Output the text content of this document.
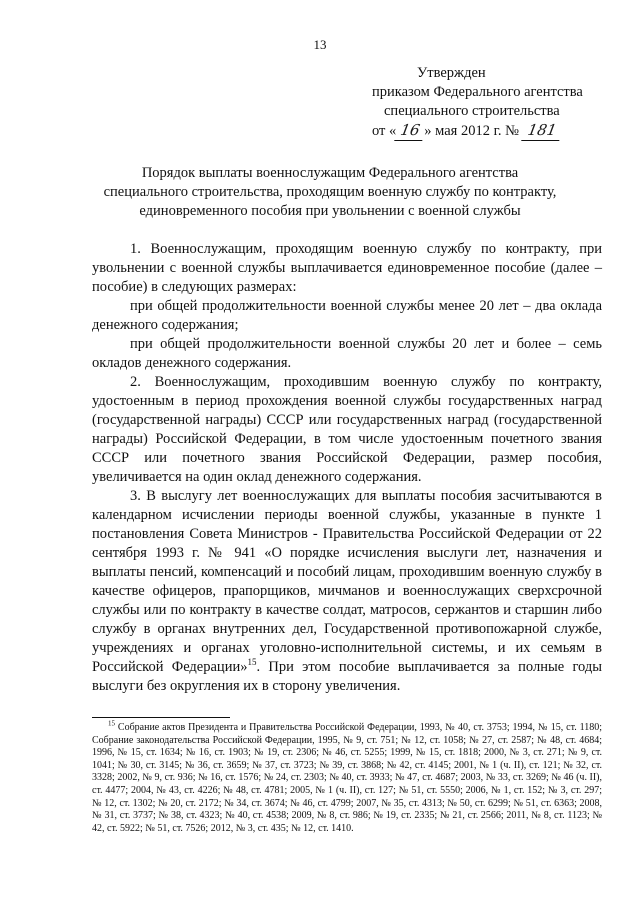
13
Утвержден
приказом Федерального агентства
специального строительства
от « 16 » мая 2012 г. № 181
Порядок выплаты военнослужащим Федерального агентства
специального строительства, проходящим военную службу по контракту,
единовременного пособия при увольнении с военной службы

1. Военнослужащим, проходящим военную службу по контракту, при увольнении с военной службы выплачивается единовременное пособие (далее – пособие) в следующих размерах:

при общей продолжительности военной службы менее 20 лет – два оклада денежного содержания;

при общей продолжительности военной службы 20 лет и более – семь окладов денежного содержания.

2. Военнослужащим, проходившим военную службу по контракту, удостоенным в период прохождения военной службы государственных наград (государственной награды) СССР или государственных наград (государственной награды) Российской Федерации, в том числе удостоенным почетного звания СССР или почетного звания Российской Федерации, размер пособия, увеличивается на один оклад денежного содержания.

3. В выслугу лет военнослужащих для выплаты пособия засчитываются в календарном исчислении периоды военной службы, указанные в пункте 1 постановления Совета Министров - Правительства Российской Федерации от 22 сентября 1993 г. № 941 «О порядке исчисления выслуги лет, назначения и выплаты пенсий, компенсаций и пособий лицам, проходившим военную службу в качестве офицеров, прапорщиков, мичманов и военнослужащих сверхсрочной службы или по контракту в качестве солдат, матросов, сержантов и старшин либо службу в органах внутренних дел, Государственной противопожарной службе, учреждениях и органах уголовно-исполнительной системы, и их семьям в Российской Федерации»$^{15}$. При этом пособие выплачивается за полные годы выслуги без округления их в сторону увеличения.

$^{15}$ Собрание актов Президента и Правительства Российской Федерации, 1993, № 40, ст. 3753; 1994, № 15, ст. 1180; Собрание законодательства Российской Федерации, 1995, № 9, ст. 751; № 12, ст. 1058; № 27, ст. 2587; № 48, ст. 4684; 1996, № 15, ст. 1634; № 16, ст. 1903; № 19, ст. 2306; № 46, ст. 5255; 1999, № 15, ст. 1818; 2000, № 3, ст. 271; № 9, ст. 1041; № 30, ст. 3145; № 36, ст. 3659; № 37, ст. 3723; № 39, ст. 3868; № 42, ст. 4145; 2001, № 1 (ч. II), ст. 121; № 32, ст. 3328; 2002, № 9, ст. 936; № 16, ст. 1576; № 24, ст. 2303; № 40, ст. 3933; № 47, ст. 4687; 2003, № 33, ст. 3269; № 46 (ч. II), ст. 4477; 2004, № 43, ст. 4226; № 48, ст. 4781; 2005, № 1 (ч. II), ст. 127; № 51, ст. 5550; 2006, № 1, ст. 152; № 3, ст. 297; № 12, ст. 1302; № 20, ст. 2172; № 34, ст. 3674; № 46, ст. 4799; 2007, № 35, ст. 4313; № 50, ст. 6299; № 51, ст. 6363; 2008, № 31, ст. 3737; № 38, ст. 4323; № 40, ст. 4538; 2009, № 8, ст. 986; № 19, ст. 2335; № 21, ст. 2566; 2011, № 8, ст. 1123; № 42, ст. 5922; № 51, ст. 7526; 2012, № 3, ст. 435; № 12, ст. 1410.
